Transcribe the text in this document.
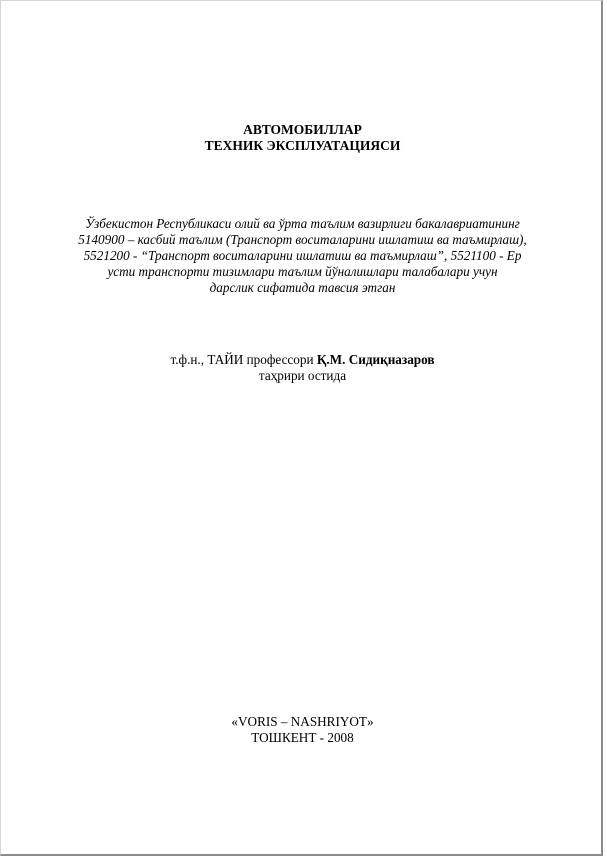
АВТОМОБИЛЛАР
ТЕХНИК ЭКСПЛУАТАЦИЯСИ
Ўзбекистон Республикаси олий ва ўрта таълим вазирлиги бакалавриатининг
5140900 – касбий таълим (Транспорт воситаларини ишлатиш ва таъмирлаш),
5521200 - “Транспорт воситаларини ишлатиш ва таъмирлаш”, 5521100 - Ер
усти транспорти тизимлари таълим йўналишлари талабалари учун
дарслик сифатида тавсия этган
т.ф.н., ТАЙИ профессори Қ.М. Сидиқназаров
таҳрири остида
«VORIS – NASHRIYOT»
ТОШКЕНТ - 2008
